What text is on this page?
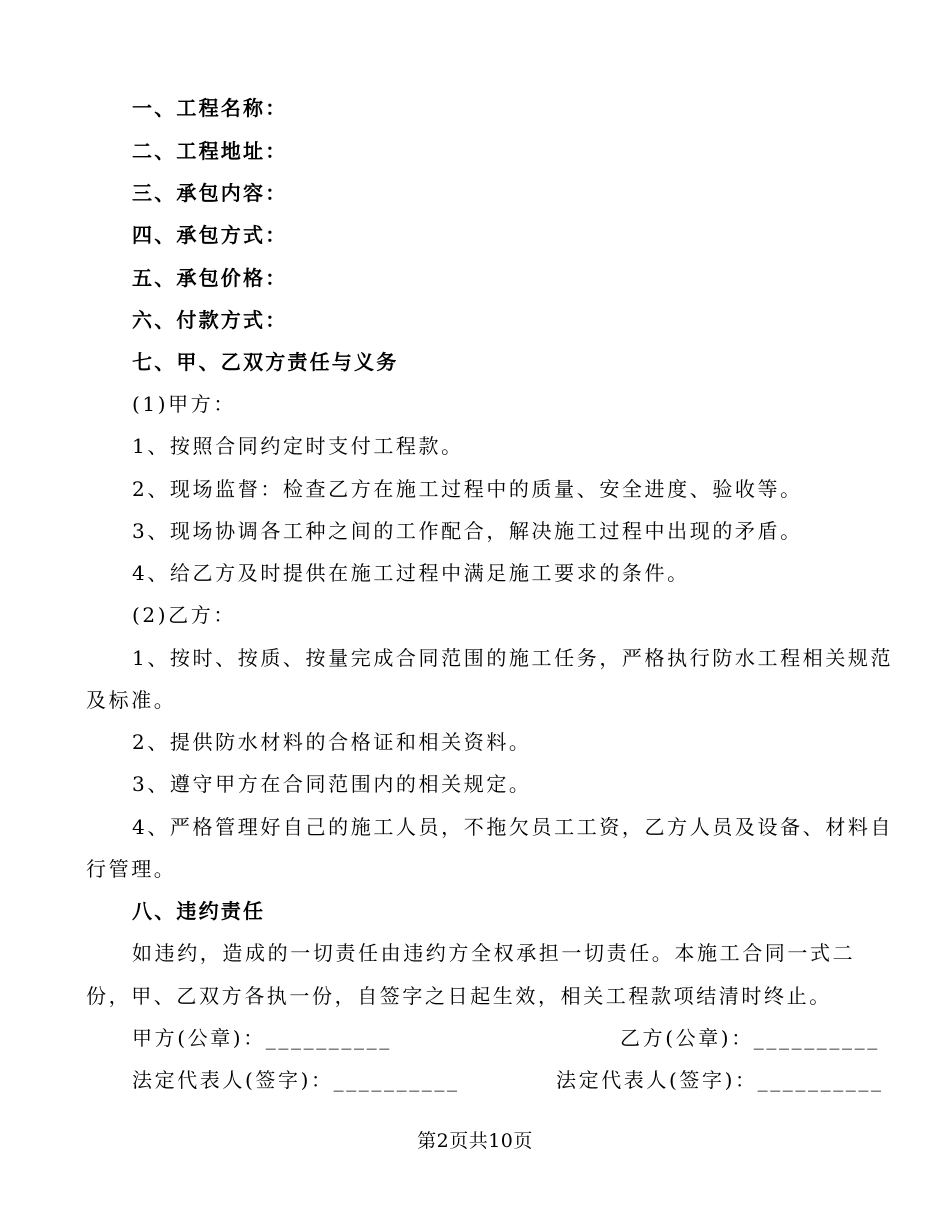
一、工程名称：
二、工程地址：
三、承包内容：
四、承包方式：
五、承包价格：
六、付款方式：
七、甲、乙双方责任与义务
(1)甲方：
1、按照合同约定时支付工程款。
2、现场监督：检查乙方在施工过程中的质量、安全进度、验收等。
3、现场协调各工种之间的工作配合，解决施工过程中出现的矛盾。
4、给乙方及时提供在施工过程中满足施工要求的条件。
(2)乙方：
1、按时、按质、按量完成合同范围的施工任务，严格执行防水工程相关规范
及标准。
2、提供防水材料的合格证和相关资料。
3、遵守甲方在合同范围内的相关规定。
4、严格管理好自己的施工人员，不拖欠员工工资，乙方人员及设备、材料自
行管理。
八、违约责任
如违约，造成的一切责任由违约方全权承担一切责任。本施工合同一式二
份，甲、乙双方各执一份，自签字之日起生效，相关工程款项结清时终止。
甲方(公章)：__________	乙方(公章)：__________
法定代表人(签字)：__________	法定代表人(签字)：__________
第2页共10页
